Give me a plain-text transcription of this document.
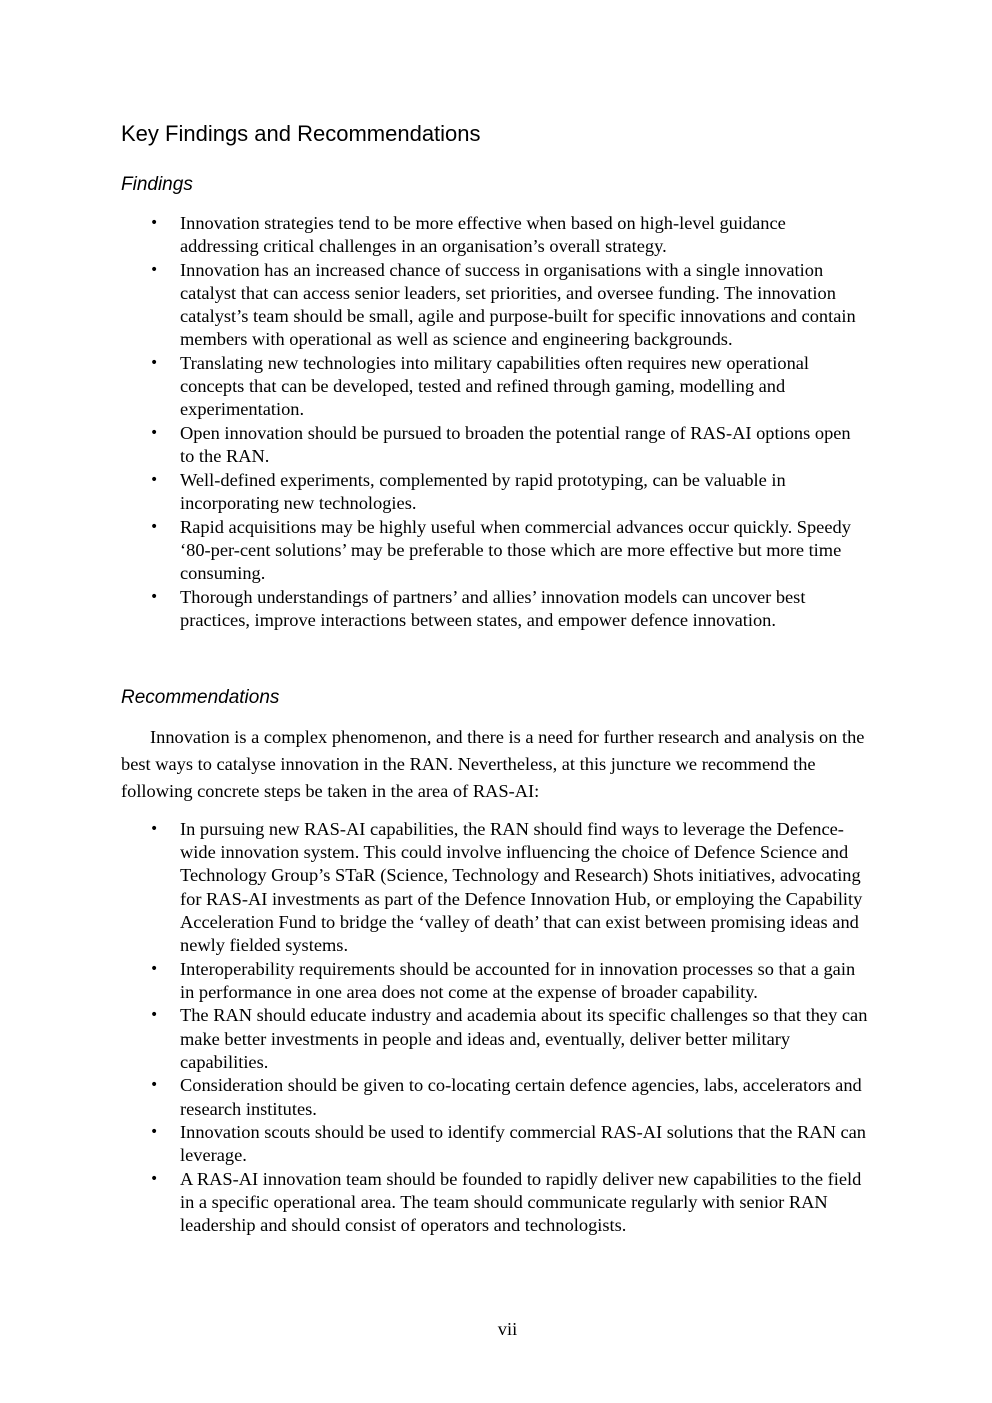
Key Findings and Recommendations
Findings
• Innovation strategies tend to be more effective when based on high-level guidance addressing critical challenges in an organisation’s overall strategy.
• Innovation has an increased chance of success in organisations with a single innovation catalyst that can access senior leaders, set priorities, and oversee funding. The innovation catalyst’s team should be small, agile and purpose-built for specific innovations and contain members with operational as well as science and engineering backgrounds.
• Translating new technologies into military capabilities often requires new operational concepts that can be developed, tested and refined through gaming, modelling and experimentation.
• Open innovation should be pursued to broaden the potential range of RAS-AI options open to the RAN.
• Well-defined experiments, complemented by rapid prototyping, can be valuable in incorporating new technologies.
• Rapid acquisitions may be highly useful when commercial advances occur quickly. Speedy ‘80-per-cent solutions’ may be preferable to those which are more effective but more time consuming.
• Thorough understandings of partners’ and allies’ innovation models can uncover best practices, improve interactions between states, and empower defence innovation.
Recommendations

Innovation is a complex phenomenon, and there is a need for further research and analysis on the best ways to catalyse innovation in the RAN. Nevertheless, at this juncture we recommend the following concrete steps be taken in the area of RAS-AI:

• In pursuing new RAS-AI capabilities, the RAN should find ways to leverage the Defence-wide innovation system. This could involve influencing the choice of Defence Science and Technology Group’s STaR (Science, Technology and Research) Shots initiatives, advocating for RAS-AI investments as part of the Defence Innovation Hub, or employing the Capability Acceleration Fund to bridge the ‘valley of death’ that can exist between promising ideas and newly fielded systems.
• Interoperability requirements should be accounted for in innovation processes so that a gain in performance in one area does not come at the expense of broader capability.
• The RAN should educate industry and academia about its specific challenges so that they can make better investments in people and ideas and, eventually, deliver better military capabilities.
• Consideration should be given to co-locating certain defence agencies, labs, accelerators and research institutes.
• Innovation scouts should be used to identify commercial RAS-AI solutions that the RAN can leverage.
• A RAS-AI innovation team should be founded to rapidly deliver new capabilities to the field in a specific operational area. The team should communicate regularly with senior RAN leadership and should consist of operators and technologists.

vii
